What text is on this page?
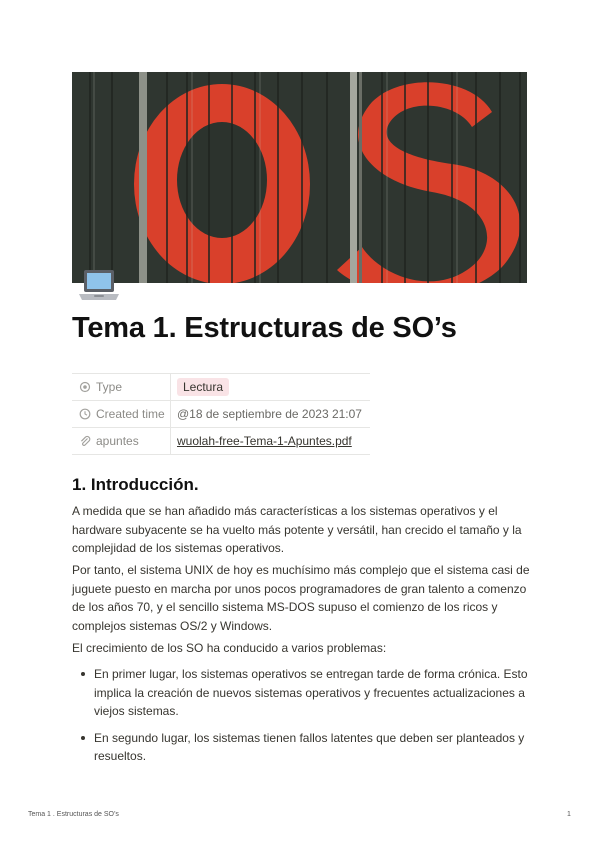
Tema 1. Estructuras de SO’s
Type	Lectura

Created time	@18 de septiembre de 2023 21:07

apuntes	wuolah-free-Tema-1-Apuntes.pdf
1. Introducción.

A medida que se han añadido más características a los sistemas operativos y el hardware subyacente se ha vuelto más potente y versátil, han crecido el tamaño y la complejidad de los sistemas operativos.

Por tanto, el sistema UNIX de hoy es muchísimo más complejo que el sistema casi de juguete puesto en marcha por unos pocos programadores de gran talento a comenzo de los años 70, y el sencillo sistema MS-DOS supuso el comienzo de los ricos y complejos sistemas OS/2 y Windows.

El crecimiento de los SO ha conducido a varios problemas:

En primer lugar, los sistemas operativos se entregan tarde de forma crónica. Esto implica la creación de nuevos sistemas operativos y frecuentes actualizaciones a viejos sistemas.
En segundo lugar, los sistemas tienen fallos latentes que deben ser planteados y resueltos.
Tema 1 . Estructuras de SO’s	1
